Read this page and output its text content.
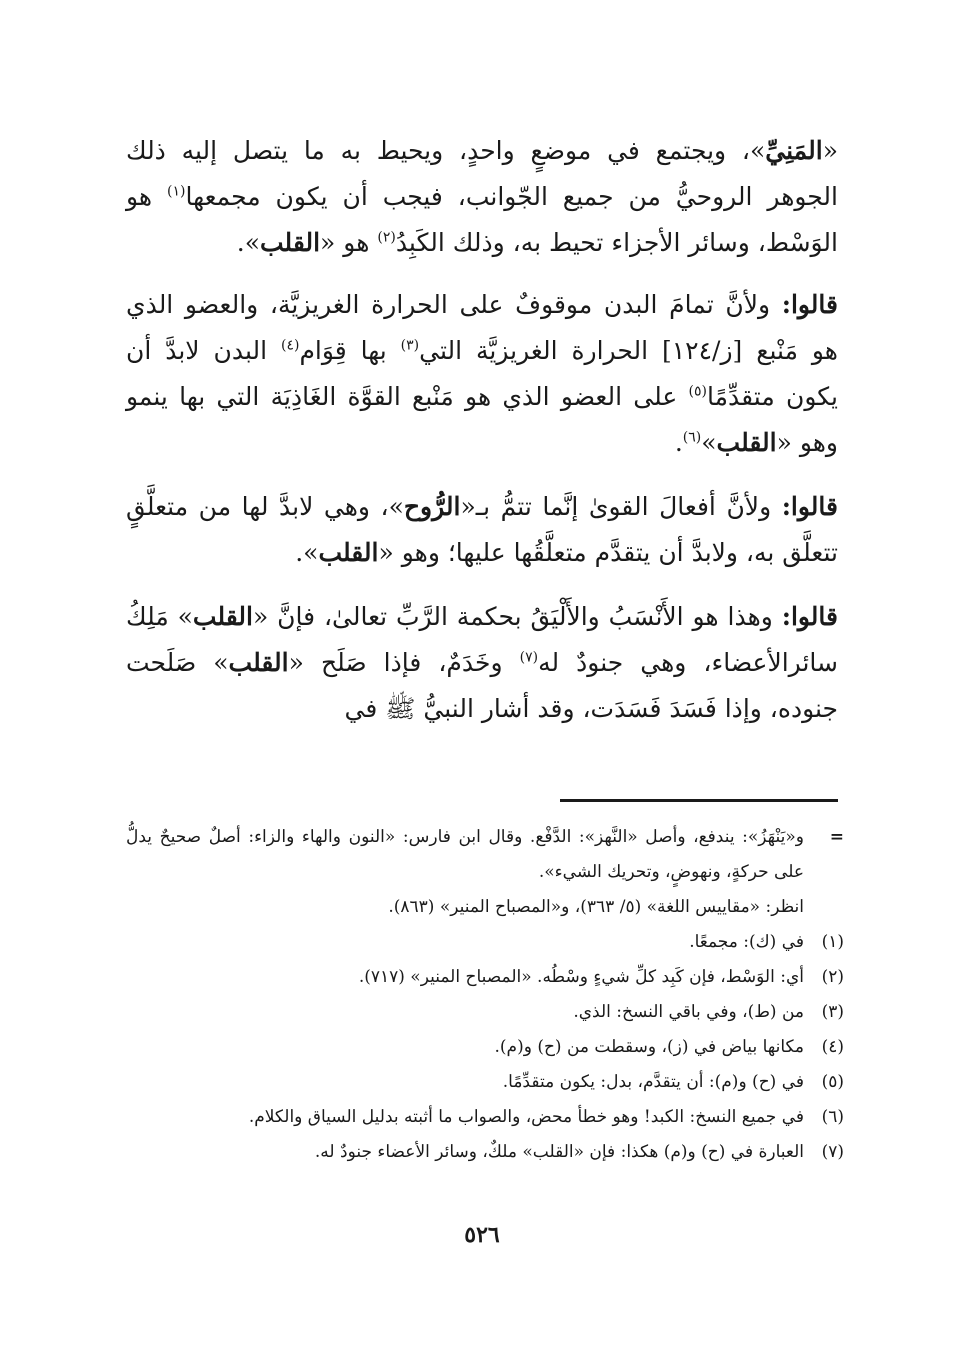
«المَنِيِّ»، ويجتمع في موضعٍ واحدٍ، ويحيط به ما يتصل إليه ذلك الجوهر الروحيُّ من جميع الجّوانب، فيجب أن يكون مجمعها$^{(١)}$ هو الوَسْط، وسائر الأجزاء تحيط به، وذلك الكَبِدُ$^{(٢)}$ هو «القلب».

قالوا: ولأنَّ تمامَ البدن موقوفٌ على الحرارة الغريزيَّة، والعضو الذي هو مَنْبع [ز/١٢٤] الحرارة الغريزيَّة التي$^{(٣)}$ بها قِوَام$^{(٤)}$ البدن لابدَّ أن يكون متقدِّمًا$^{(٥)}$ على العضو الذي هو مَنْبع القوَّة الغَاذِيَة التي بها ينمو وهو «القلب»$^{(٦)}$.

قالوا: ولأنَّ أفعالَ القوىٰ إنَّما تتمُّ بـ«الرُّوح»، وهي لابدَّ لها من متعلَّقٍ تتعلَّق به، ولابدَّ أن يتقدَّم متعلَّقُها عليها؛ وهو «القلب».

قالوا: وهذا هو الأَنْسَبُ والأَلْيَقُ بحكمة الرَّبِّ تعالىٰ، فإنَّ «القلب» مَلِكُ سائرالأعضاء، وهي جنودٌ له$^{(٧)}$ وخَدَمٌ، فإذا صَلَح «القلب» صَلَحت جنوده، وإذا فَسَدَ فَسَدَت، وقد أشار النبيُّ ﷺ في

=
و«يَنْهَزُ»: يندفع، وأصل «النَّهز»: الدَّفْع. وقال ابن فارس: «النون والهاء والزاء: أصلٌ صحيحٌ يدلُّ على حركةٍ، ونهوضٍ، وتحريك الشيء».
انظر: «مقاييس اللغة» (٥/ ٣٦٣)، و«المصباح المنير» (٨٦٣).
(١)
في (ك): مجمعًا.
(٢)
أي: الوَسْط، فإن كَبِد كلِّ شيءٍ وسْطُه. «المصباح المنير» (٧١٧).
(٣)
من (ط)، وفي باقي النسخ: الذي.
(٤)
مكانها بياض في (ز)، وسقطت من (ح) و(م).
(٥)
في (ح) و(م): أن يتقدَّم، بدل: يكون متقدِّمًا.
(٦)
في جميع النسخ: الكبد! وهو خطأ محض، والصواب ما أثبته بدليل السياق والكلام.
(٧)
العبارة في (ح) و(م) هكذا: فإن «القلب» ملكٌ، وسائر الأعضاء جنودٌ له.
٥٢٦
